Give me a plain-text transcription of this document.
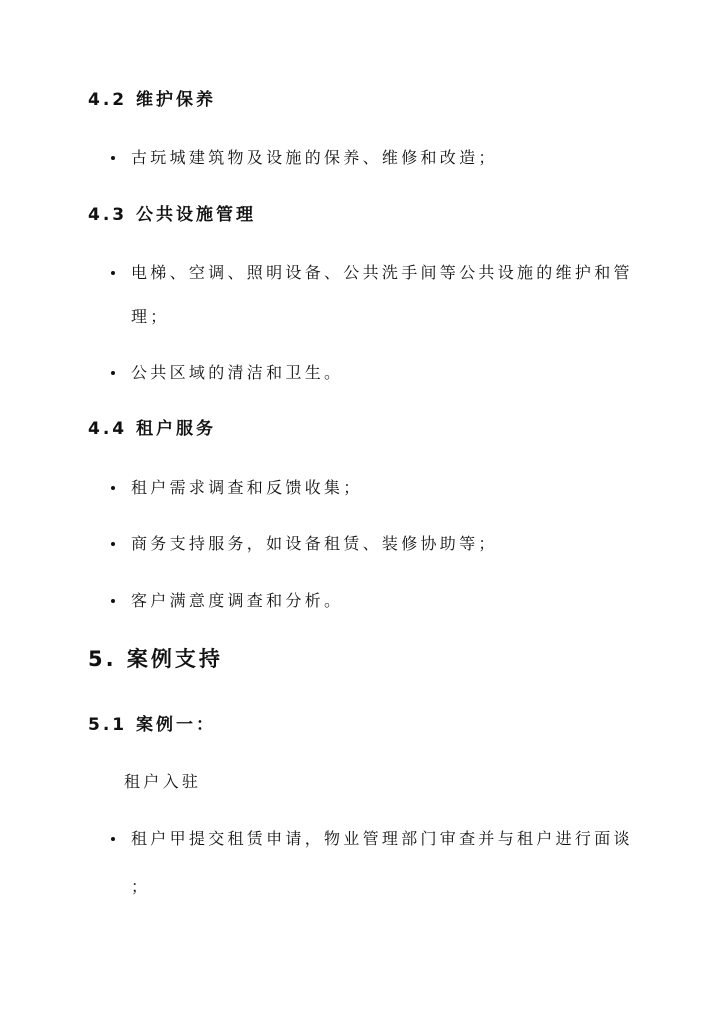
4.2 维护保养
古玩城建筑物及设施的保养、维修和改造；
4.3 公共设施管理
电梯、空调、照明设备、公共洗手间等公共设施的维护和管
理；
公共区域的清洁和卫生。
4.4 租户服务
租户需求调查和反馈收集；
商务支持服务，如设备租赁、装修协助等；
客户满意度调查和分析。
5. 案例支持
5.1 案例一：
租户入驻
租户甲提交租赁申请，物业管理部门审查并与租户进行面谈
；
